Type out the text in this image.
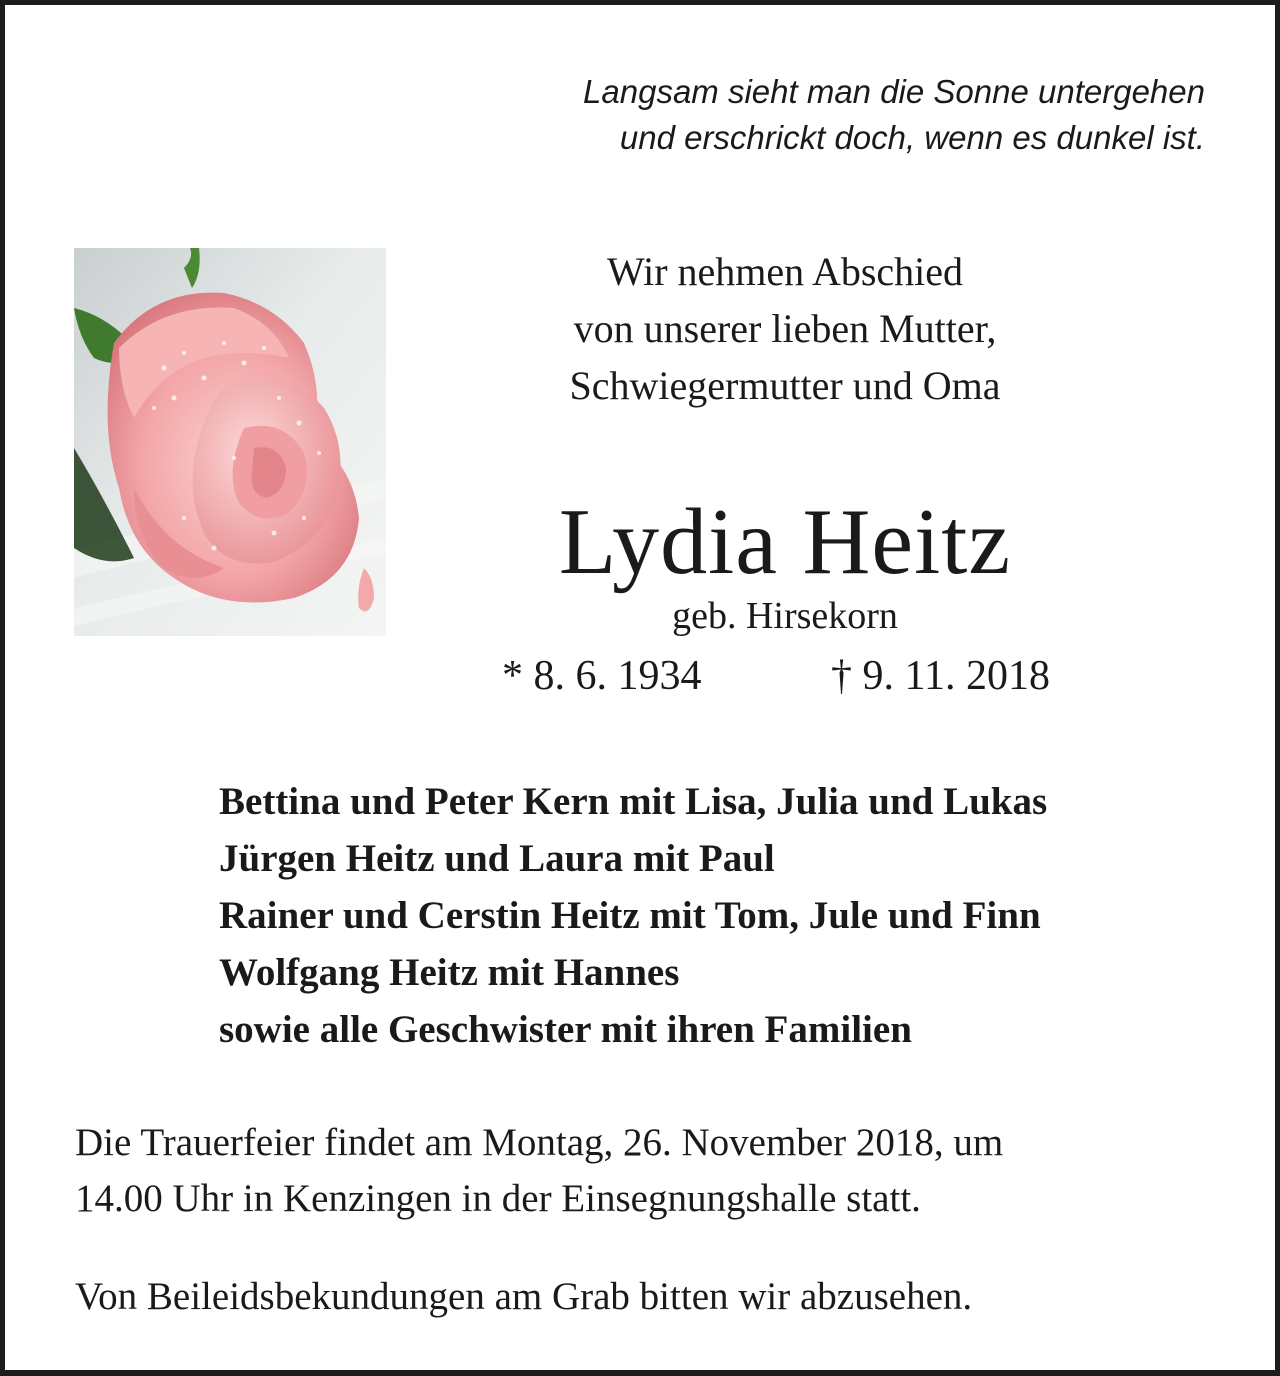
Langsam sieht man die Sonne untergehen
und erschrickt doch, wenn es dunkel ist.
Wir nehmen Abschied
von unserer lieben Mutter,
Schwiegermutter und Oma
Lydia Heitz
geb. Hirsekorn
* 8. 6. 1934	† 9. 11. 2018
Bettina und Peter Kern mit Lisa, Julia und Lukas
Jürgen Heitz und Laura mit Paul
Rainer und Cerstin Heitz mit Tom, Jule und Finn
Wolfgang Heitz mit Hannes
sowie alle Geschwister mit ihren Familien
Die Trauerfeier findet am Montag, 26. November 2018, um
14.00 Uhr in Kenzingen in der Einsegnungshalle statt.
Von Beileidsbekundungen am Grab bitten wir abzusehen.
